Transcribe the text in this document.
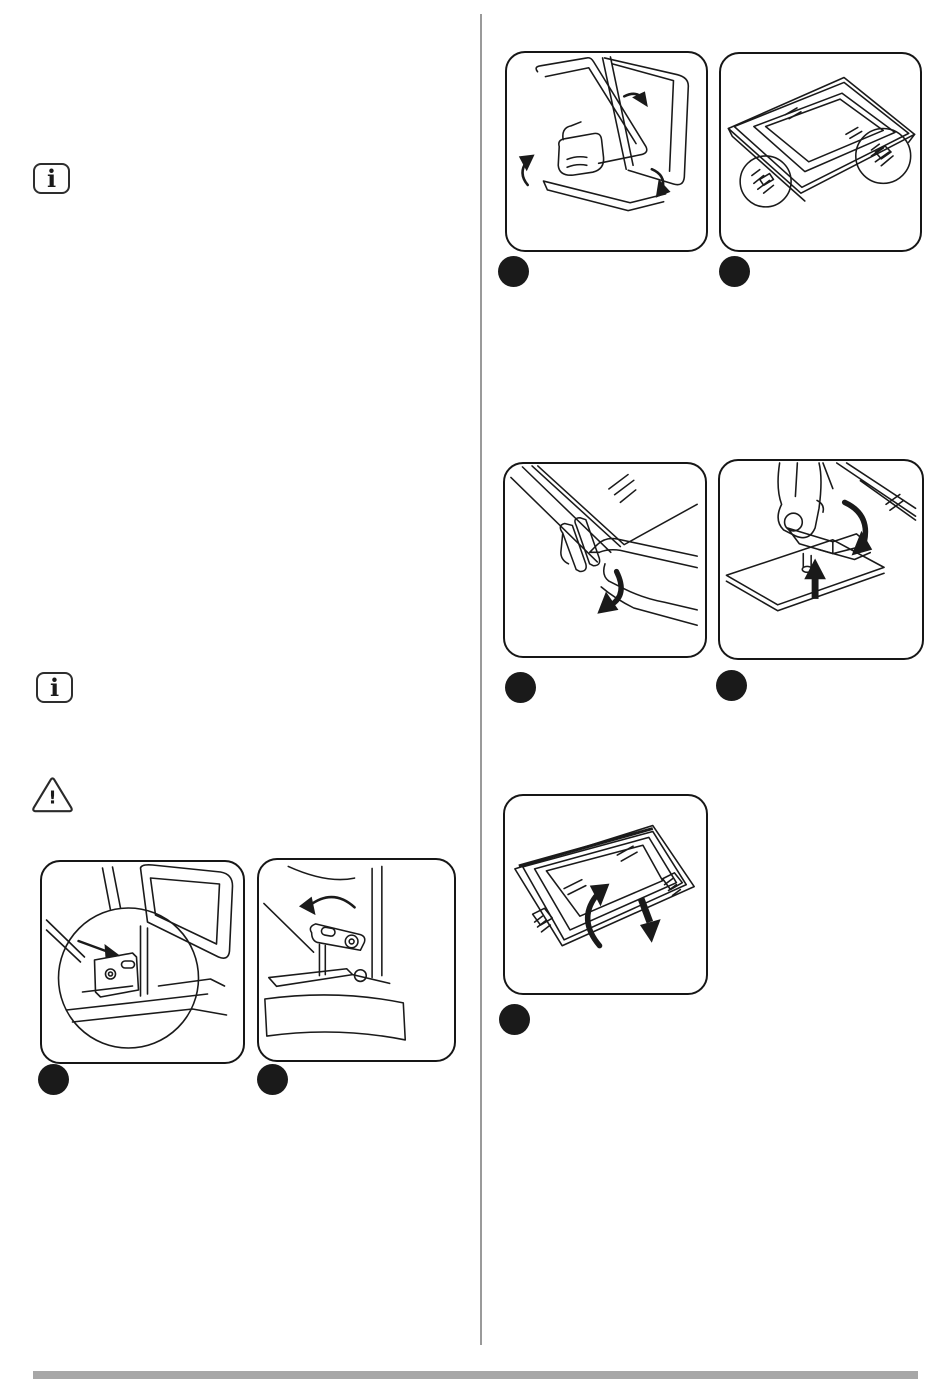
i
i
!
